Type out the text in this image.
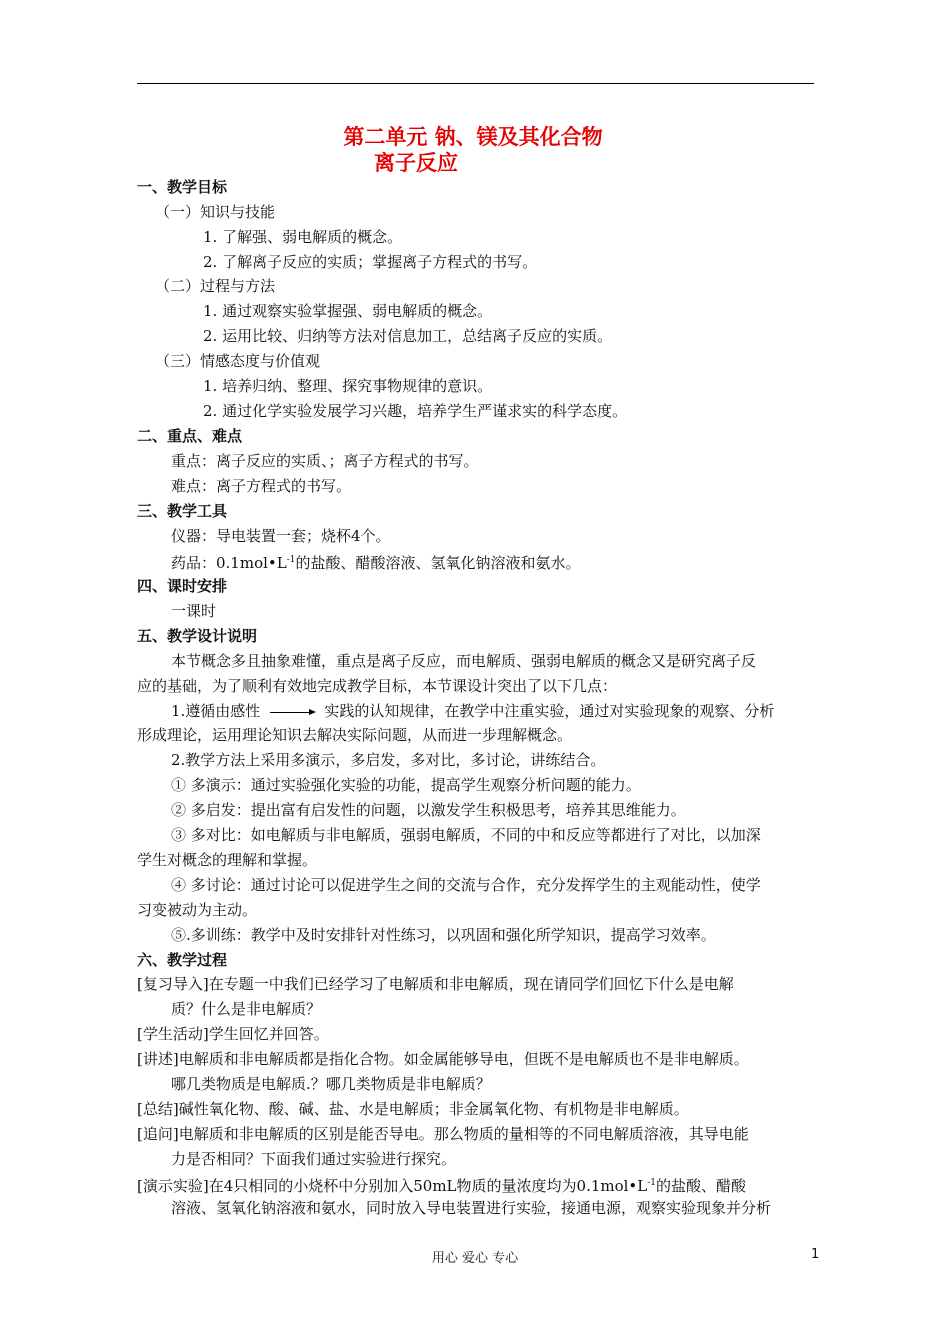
第二单元 钠、镁及其化合物
离子反应
一、教学目标
（一）知识与技能
1. 了解强、弱电解质的概念。
2. 了解离子反应的实质；掌握离子方程式的书写。
（二）过程与方法
1. 通过观察实验掌握强、弱电解质的概念。
2. 运用比较、归纳等方法对信息加工，总结离子反应的实质。
（三）情感态度与价值观
1. 培养归纳、整理、探究事物规律的意识。
2. 通过化学实验发展学习兴趣，培养学生严谨求实的科学态度。
二、重点、难点
重点：离子反应的实质、；离子方程式的书写。
难点：离子方程式的书写。
三、教学工具
仪器：导电装置一套；烧杯4个。
药品：$0.1mol•L^{-1}$的盐酸、醋酸溶液、氢氧化钠溶液和氨水。
四、课时安排
一课时
五、教学设计说明
本节概念多且抽象难懂，重点是离子反应，而电解质、强弱电解质的概念又是研究离子反
应的基础，为了顺利有效地完成教学目标，本节课设计突出了以下几点：
1.遵循由感性	实践的认知规律，在教学中注重实验，通过对实验现象的观察、分析
形成理论，运用理论知识去解决实际问题，从而进一步理解概念。
2.教学方法上采用多演示，多启发，多对比，多讨论，讲练结合。
① 多演示：通过实验强化实验的功能，提高学生观察分析问题的能力。
② 多启发：提出富有启发性的问题，以激发学生积极思考，培养其思维能力。
③ 多对比：如电解质与非电解质，强弱电解质，不同的中和反应等都进行了对比，以加深
学生对概念的理解和掌握。
④ 多讨论：通过讨论可以促进学生之间的交流与合作，充分发挥学生的主观能动性，使学
习变被动为主动。
⑤.多训练：教学中及时安排针对性练习，以巩固和强化所学知识，提高学习效率。
六、教学过程
[复习导入]在专题一中我们已经学习了电解质和非电解质，现在请同学们回忆下什么是电解
质？什么是非电解质？
[学生活动]学生回忆并回答。
[讲述]电解质和非电解质都是指化合物。如金属能够导电，但既不是电解质也不是非电解质。
哪几类物质是电解质.？哪几类物质是非电解质？
[总结]碱性氧化物、酸、碱、盐、水是电解质；非金属氧化物、有机物是非电解质。
[追问]电解质和非电解质的区别是能否导电。那么物质的量相等的不同电解质溶液，其导电能
力是否相同？下面我们通过实验进行探究。
[演示实验]在4只相同的小烧杯中分别加入50mL物质的量浓度均为$0.1mol•L^{-1}$的盐酸、醋酸
溶液、氢氧化钠溶液和氨水，同时放入导电装置进行实验，接通电源，观察实验现象并分析
用心 爱心 专心	1
